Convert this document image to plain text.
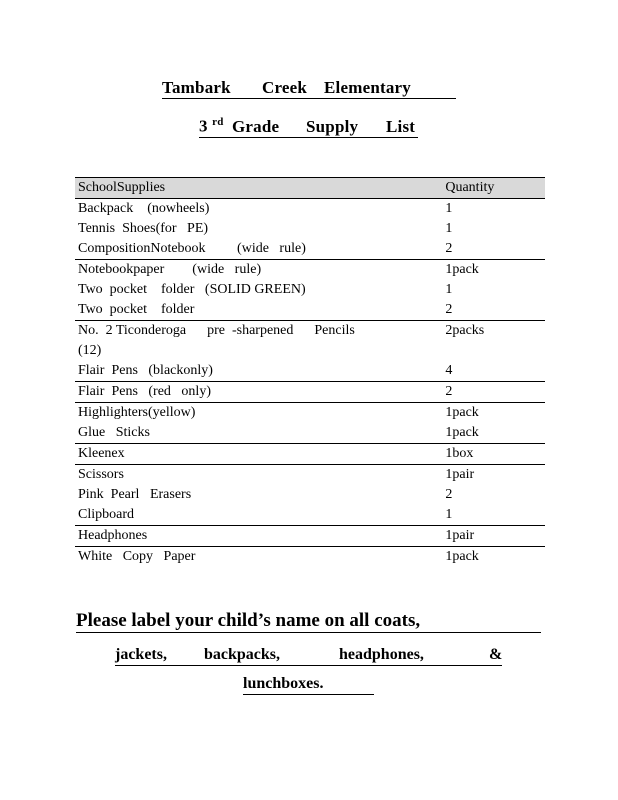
Tambark Creek Elementary
3 $^{rd}$ Grade Supply List
SchoolSupplies	Quantity
Backpack    (nowheels)	1
Tennis  Shoes(for   PE)	1
CompositionNotebook         (wide   rule)	2
Notebookpaper        (wide   rule)	1pack
Two  pocket    folder   (SOLID GREEN)	1
Two  pocket    folder	2
No.  2 Ticonderoga      pre  -sharpened      Pencils
(12)	2packs
Flair  Pens   (blackonly)	4
Flair  Pens   (red   only)	2
Highlighters(yellow)	1pack
Glue   Sticks	1pack
Kleenex	1box
Scissors	1pair
Pink  Pearl   Erasers	2
Clipboard	1
Headphones	1pair
White   Copy   Paper	1pack
Please label your child’s name on all coats,
jackets, backpacks,	headphones,	&
lunchboxes.
